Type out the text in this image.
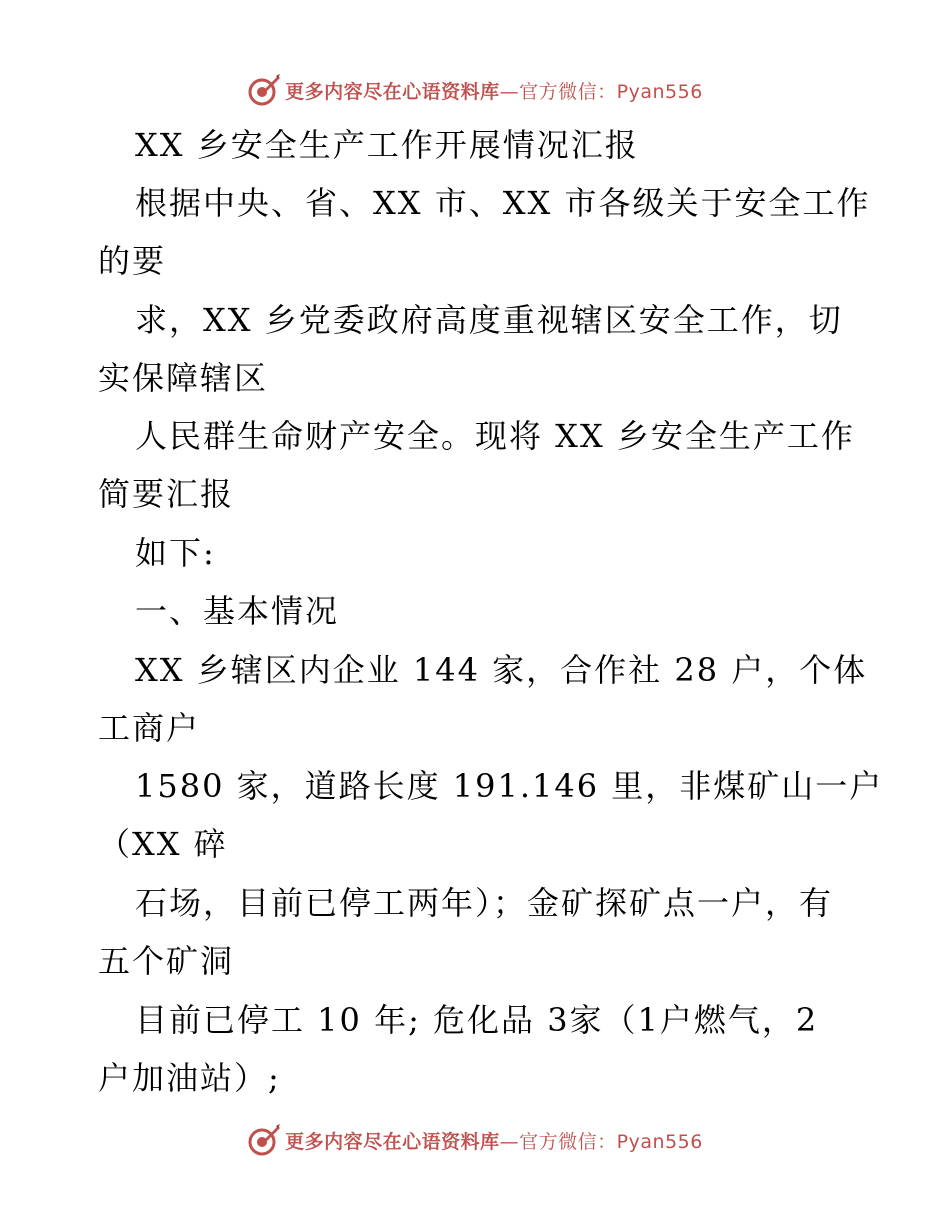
更多内容尽在心语资料库—官方微信：Pyan556
XX 乡安全生产工作开展情况汇报
根据中央、省、XX 市、XX 市各级关于安全工作
的要
求，XX 乡党委政府高度重视辖区安全工作，切
实保障辖区
人民群生命财产安全。现将 XX 乡安全生产工作
简要汇报
如下:
一、基本情况
XX 乡辖区内企业 144 家，合作社 28 户，个体
工商户
1580 家，道路长度 191.146 里，非煤矿山一户
（XX 碎
石场，目前已停工两年）；金矿探矿点一户，有
五个矿洞
目前已停工 10 年; 危化品 3家（1户燃气，2
户加油站）;
更多内容尽在心语资料库—官方微信：Pyan556
